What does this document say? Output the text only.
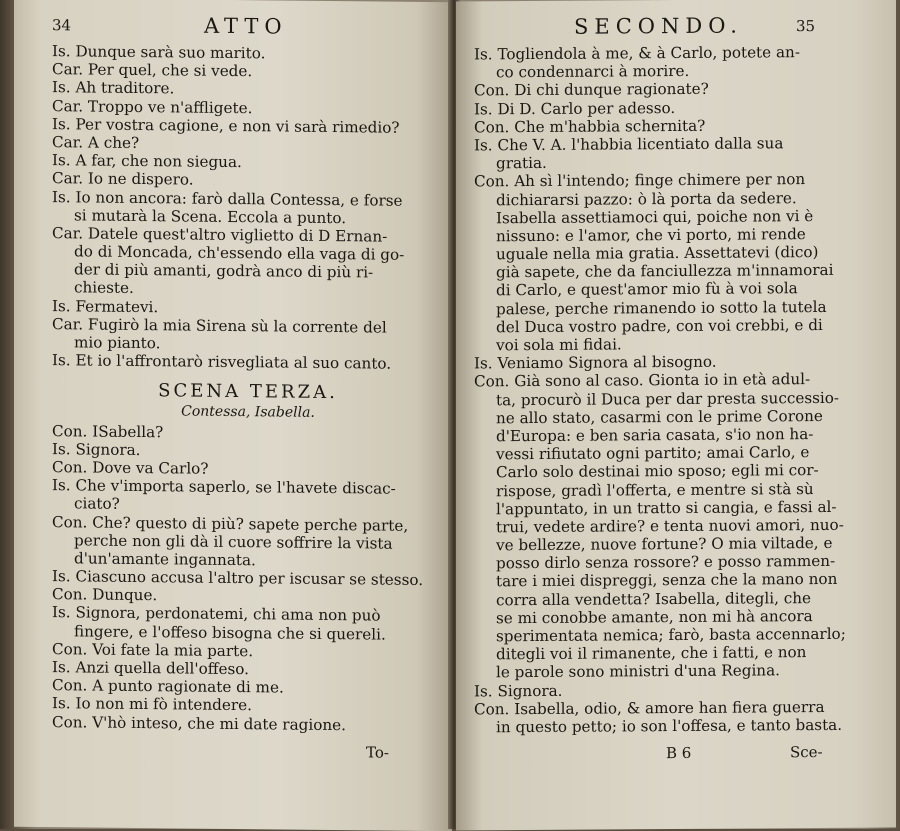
34	ATTO
Is. Dunque sarà suo marito.
Car. Per quel, che si vede.
Is. Ah traditore.
Car. Troppo ve n'affligete.
Is. Per vostra cagione, e non vi sarà rimedio?
Car. A che?
Is. A far, che non siegua.
Car. Io ne dispero.
Is. Io non ancora: farò dalla Contessa, e forse
si mutarà la Scena. Eccola a punto.
Car. Datele quest'altro viglietto di D Ernan-
do di Moncada, ch'essendo ella vaga di go-
der di più amanti, godrà anco di più ri-
chieste.
Is. Fermatevi.
Car. Fugirò la mia Sirena sù la corrente del
mio pianto.
Is. Et io l'affrontarò risvegliata al suo canto.
SCENA TERZA.
Contessa, Isabella.
Con. ISabella?
Is. Signora.
Con. Dove va Carlo?
Is. Che v'importa saperlo, se l'havete discac-
ciato?
Con. Che? questo di più? sapete perche parte,
perche non gli dà il cuore soffrire la vista
d'un'amante ingannata.
Is. Ciascuno accusa l'altro per iscusar se stesso.
Con. Dunque.
Is. Signora, perdonatemi, chi ama non può
fingere, e l'offeso bisogna che si quereli.
Con. Voi fate la mia parte.
Is. Anzi quella dell'offeso.
Con. A punto ragionate di me.
Is. Io non mi fò intendere.
Con. V'hò inteso, che mi date ragione.
To-
SECONDO.	35
Is. Togliendola à me, & à Carlo, potete an-
co condennarci à morire.
Con. Di chi dunque ragionate?
Is. Di D. Carlo per adesso.
Con. Che m'habbia schernita?
Is. Che V. A. l'habbia licentiato dalla sua
gratia.
Con. Ah sì l'intendo; finge chimere per non
dichiararsi pazzo: ò là porta da sedere.
Isabella assettiamoci qui, poiche non vi è
nissuno: e l'amor, che vi porto, mi rende
uguale nella mia gratia. Assettatevi (dico)
già sapete, che da fanciullezza m'innamorai
di Carlo, e quest'amor mio fù à voi sola
palese, perche rimanendo io sotto la tutela
del Duca vostro padre, con voi crebbi, e di
voi sola mi fidai.
Is. Veniamo Signora al bisogno.
Con. Già sono al caso. Gionta io in età adul-
ta, procurò il Duca per dar presta successio-
ne allo stato, casarmi con le prime Corone
d'Europa: e ben saria casata, s'io non ha-
vessi rifiutato ogni partito; amai Carlo, e
Carlo solo destinai mio sposo; egli mi cor-
rispose, gradì l'offerta, e mentre si stà sù
l'appuntato, in un tratto si cangia, e fassi al-
trui, vedete ardire? e tenta nuovi amori, nuo-
ve bellezze, nuove fortune? O mia viltade, e
posso dirlo senza rossore? e posso rammen-
tare i miei dispreggi, senza che la mano non
corra alla vendetta? Isabella, ditegli, che
se mi conobbe amante, non mi hà ancora
sperimentata nemica; farò, basta accennarlo;
ditegli voi il rimanente, che i fatti, e non
le parole sono ministri d'una Regina.
Is. Signora.
Con. Isabella, odio, & amore han fiera guerra
in questo petto; io son l'offesa, e tanto basta.
B 6	Sce-
